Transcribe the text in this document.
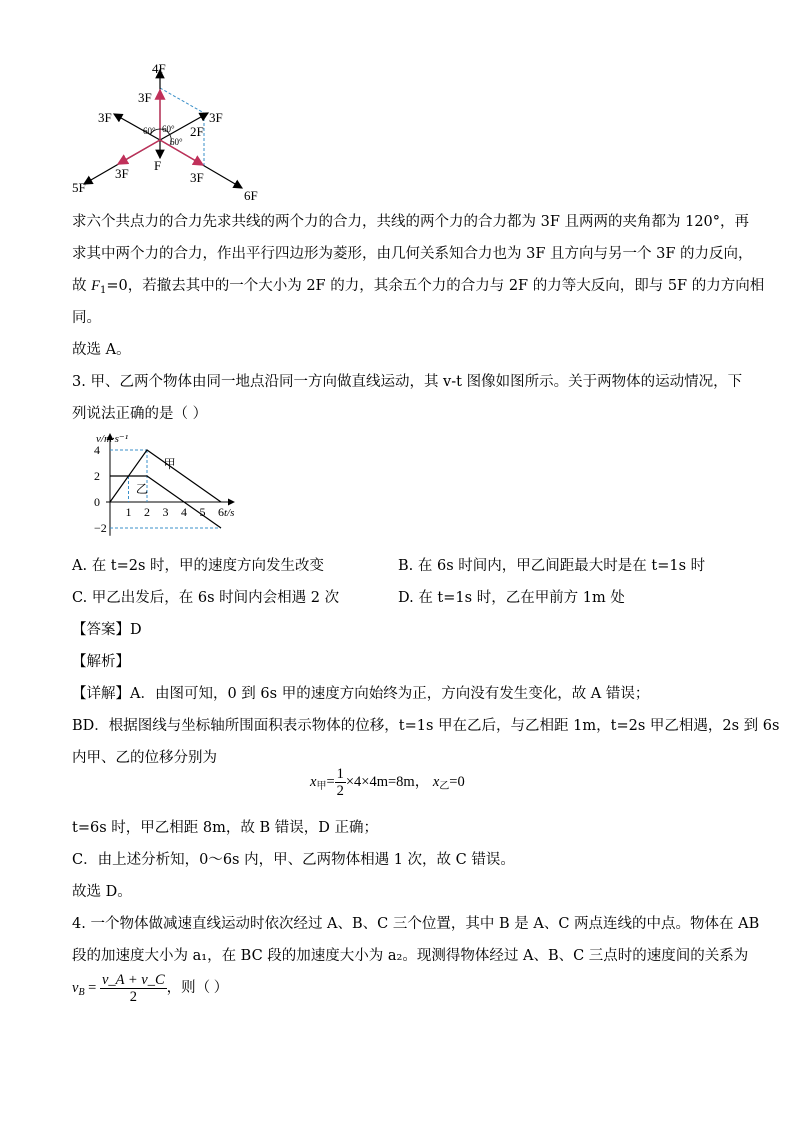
4F
3F
3F	3F
2F
F
3F
5F
3F
6F
60° 60°
60°
求六个共点力的合力先求共线的两个力的合力，共线的两个力的合力都为 3F 且两两的夹角都为 120°，再
求其中两个力的合力，作出平行四边形为菱形，由几何关系知合力也为 3F 且方向与另一个 3F 的力反向，
故 $F_1=0$，若撤去其中的一个大小为 2F 的力，其余五个力的合力与 2F 的力等大反向，即与 5F 的力方向相
同。
故选 A。
3. 甲、乙两个物体由同一地点沿同一方向做直线运动，其 v-t 图像如图所示。关于两物体的运动情况，下
列说法正确的是（ ）
4
2
0
−2
1 2 3 4 5 6
甲
乙
v/m·s⁻¹
t/s
A. 在 t=2s 时，甲的速度方向发生改变	B. 在 6s 时间内，甲乙间距最大时是在 t=1s 时
C. 甲乙出发后，在 6s 时间内会相遇 2 次	D. 在 t=1s 时，乙在甲前方 1m 处
【答案】D
【解析】
【详解】A．由图可知，0 到 6s 甲的速度方向始终为正，方向没有发生变化，故 A 错误；
BD．根据图线与坐标轴所围面积表示物体的位移，t=1s 甲在乙后，与乙相距 1m，t=2s 甲乙相遇，2s 到 6s
内甲、乙的位移分别为
$x_甲= \frac{1}{2} \times 4\times 4m=8m$， $x_乙=0$
t=6s 时，甲乙相距 8m，故 B 错误，D 正确；
C．由上述分析知，0～6s 内，甲、乙两物体相遇 1 次，故 C 错误。
故选 D。
4. 一个物体做减速直线运动时依次经过 A、B、C 三个位置，其中 B 是 A、C 两点连线的中点。物体在 AB
段的加速度大小为 a₁，在 BC 段的加速度大小为 a₂。现测得物体经过 A、B、C 三点时的速度间的关系为
$v_B = \frac{v\_A + v\_C}{2}$ ，则（ ）
